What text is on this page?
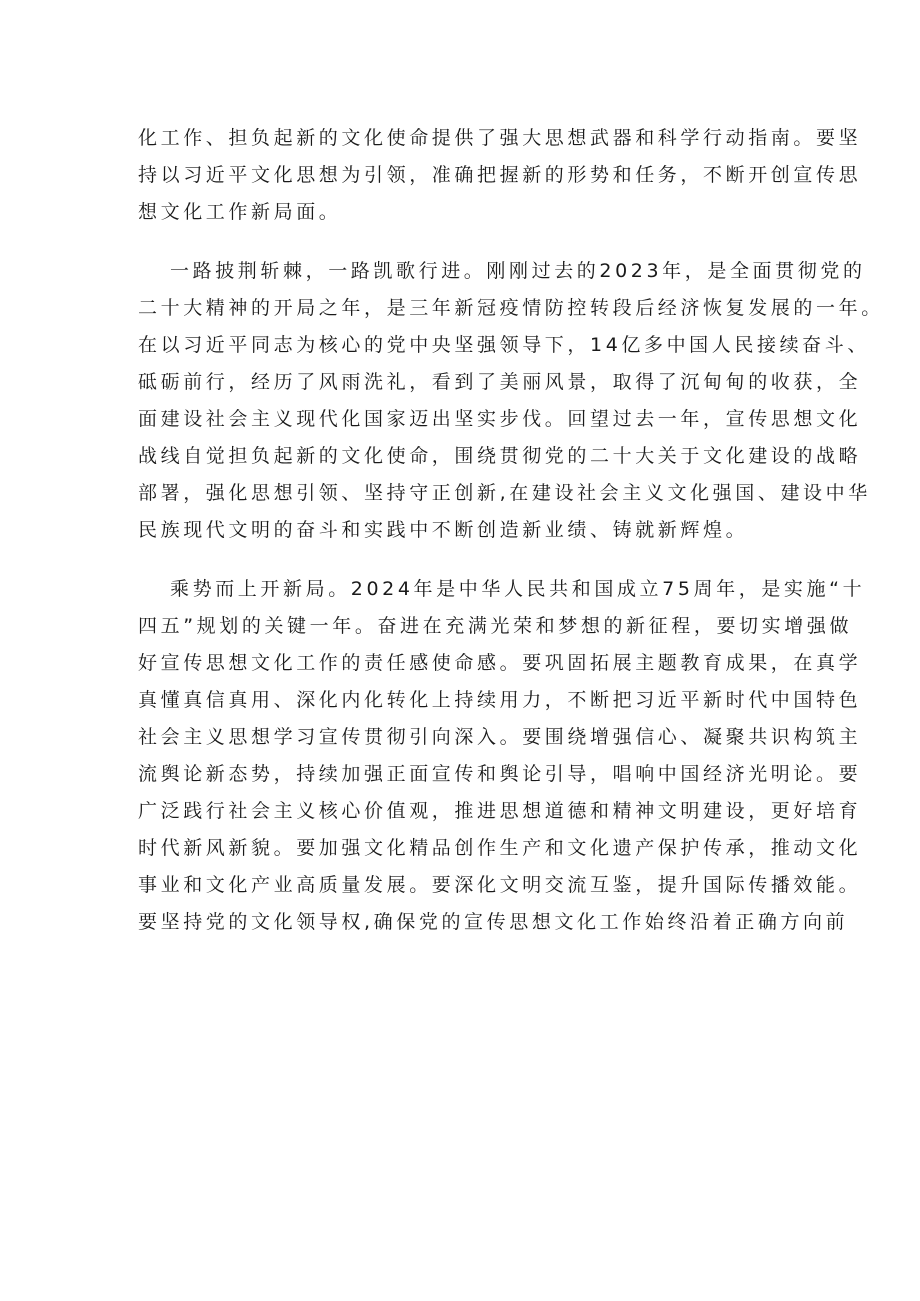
化工作、担负起新的文化使命提供了强大思想武器和科学行动指南。要坚
持以习近平文化思想为引领，准确把握新的形势和任务，不断开创宣传思
想文化工作新局面。
一路披荆斩棘，一路凯歌行进。刚刚过去的2023年，是全面贯彻党的
二十大精神的开局之年，是三年新冠疫情防控转段后经济恢复发展的一年。
在以习近平同志为核心的党中央坚强领导下，14亿多中国人民接续奋斗、
砥砺前行，经历了风雨洗礼，看到了美丽风景，取得了沉甸甸的收获，全
面建设社会主义现代化国家迈出坚实步伐。回望过去一年，宣传思想文化
战线自觉担负起新的文化使命，围绕贯彻党的二十大关于文化建设的战略
部署，强化思想引领、坚持守正创新,在建设社会主义文化强国、建设中华
民族现代文明的奋斗和实践中不断创造新业绩、铸就新辉煌。
乘势而上开新局。2024年是中华人民共和国成立75周年，是实施“十
四五”规划的关键一年。奋进在充满光荣和梦想的新征程，要切实增强做
好宣传思想文化工作的责任感使命感。要巩固拓展主题教育成果，在真学
真懂真信真用、深化内化转化上持续用力，不断把习近平新时代中国特色
社会主义思想学习宣传贯彻引向深入。要围绕增强信心、凝聚共识构筑主
流舆论新态势，持续加强正面宣传和舆论引导，唱响中国经济光明论。要
广泛践行社会主义核心价值观，推进思想道德和精神文明建设，更好培育
时代新风新貌。要加强文化精品创作生产和文化遗产保护传承，推动文化
事业和文化产业高质量发展。要深化文明交流互鉴，提升国际传播效能。
要坚持党的文化领导权,确保党的宣传思想文化工作始终沿着正确方向前
